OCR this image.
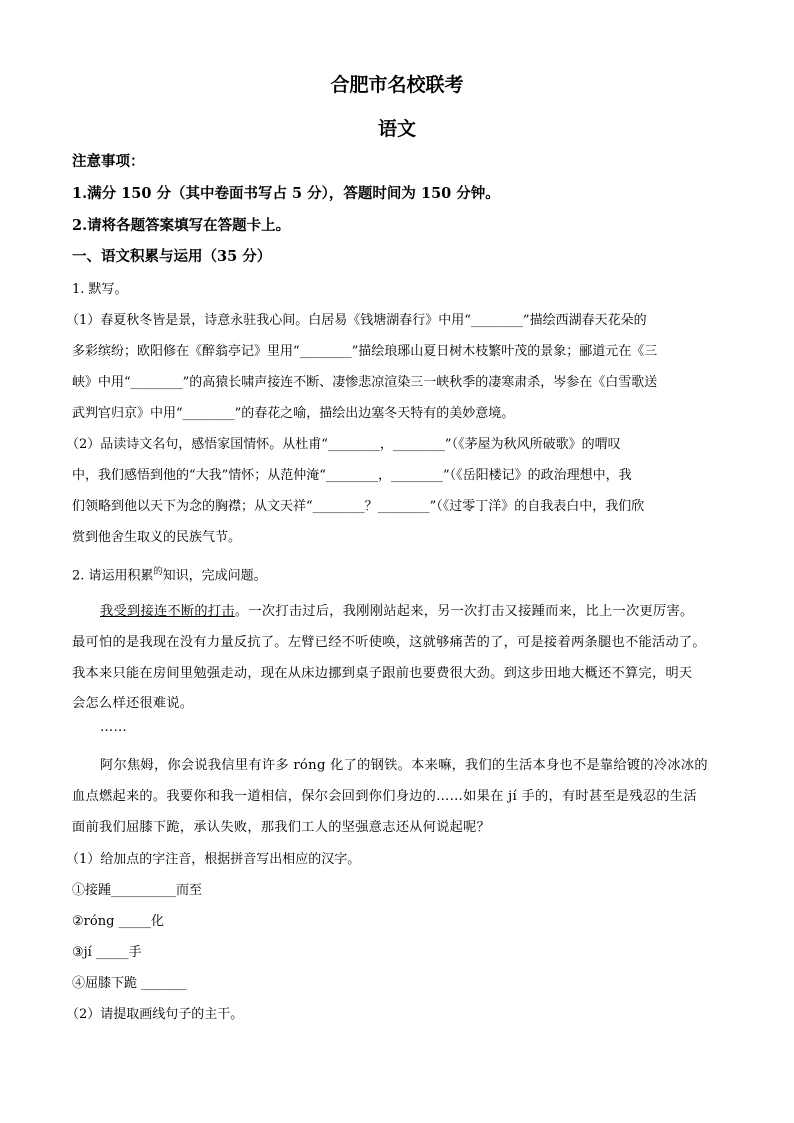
合肥市名校联考
语文
注意事项：
1.满分 150 分（其中卷面书写占 5 分），答题时间为 150 分钟。
2.请将各题答案填写在答题卡上。
一、语文积累与运用（35 分）
1. 默写。
（1）春夏秋冬皆是景，诗意永驻我心间。白居易《钱塘湖春行》中用“________”描绘西湖春天花朵的
多彩缤纷；欧阳修在《醉翁亭记》里用“________”描绘琅琊山夏日树木枝繁叶茂的景象；郦道元在《三
峡》中用“________”的高猿长啸声接连不断、凄惨悲凉渲染三一峡秋季的凄寒肃杀，岑参在《白雪歌送
武判官归京》中用“________”的春花之喻，描绘出边塞冬天特有的美妙意境。
（2）品读诗文名句，感悟家国情怀。从杜甫“________，________”（《茅屋为秋风所破歌》的喟叹
中，我们感悟到他的“大我”情怀；从范仲淹“________，________”（《岳阳楼记》的政治理想中，我
们领略到他以天下为念的胸襟；从文天祥“________？________”（《过零丁洋》的自我表白中，我们欣
赏到他舍生取义的民族气节。
2. 请运用积累$^的$知识，完成问题。
我受到接连不断的打击。一次打击过后，我刚刚站起来，另一次打击又接踵而来，比上一次更厉害。
最可怕的是我现在没有力量反抗了。左臂已经不听使唤，这就够痛苦的了，可是接着两条腿也不能活动了。
我本来只能在房间里勉强走动，现在从床边挪到桌子跟前也要费很大劲。到这步田地大概还不算完，明天
会怎么样还很难说。
……
阿尔焦姆，你会说我信里有许多 róng 化了的钢铁。本来嘛，我们的生活本身也不是靠给镀的冷冰冰的
血点燃起来的。我要你和我一道相信，保尔会回到你们身边的……如果在 jí 手的，有时甚至是残忍的生活
面前我们屈膝下跪，承认失败，那我们工人的坚强意志还从何说起呢？
（1）给加点的字注音，根据拼音写出相应的汉字。
①接踵__________而至
②róng _____化
③jí _____手
④屈膝下跪 _______
（2）请提取画线句子的主干。
